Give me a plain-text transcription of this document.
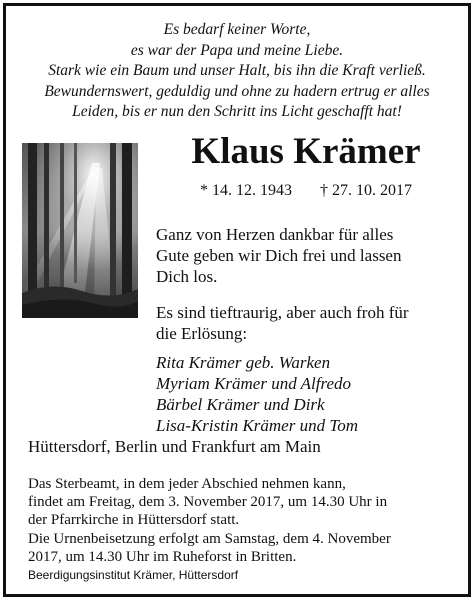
Es bedarf keiner Worte,
es war der Papa und meine Liebe.
Stark wie ein Baum und unser Halt, bis ihn die Kraft verließ.
Bewundernswert, geduldig und ohne zu hadern ertrug er alles
Leiden, bis er nun den Schritt ins Licht geschafft hat!
Klaus Krämer
* 14. 12. 1943 † 27. 10. 2017
Ganz von Herzen dankbar für alles
Gute geben wir Dich frei und lassen
Dich los.
Es sind tieftraurig, aber auch froh für
die Erlösung:
Rita Krämer geb. Warken
Myriam Krämer und Alfredo
Bärbel Krämer und Dirk
Lisa-Kristin Krämer und Tom
Hüttersdorf, Berlin und Frankfurt am Main
Das Sterbeamt, in dem jeder Abschied nehmen kann,
findet am Freitag, dem 3. November 2017, um 14.30 Uhr in
der Pfarrkirche in Hüttersdorf statt.
Die Urnenbeisetzung erfolgt am Samstag, dem 4. November
2017, um 14.30 Uhr im Ruheforst in Britten.
Beerdigungsinstitut Krämer, Hüttersdorf
